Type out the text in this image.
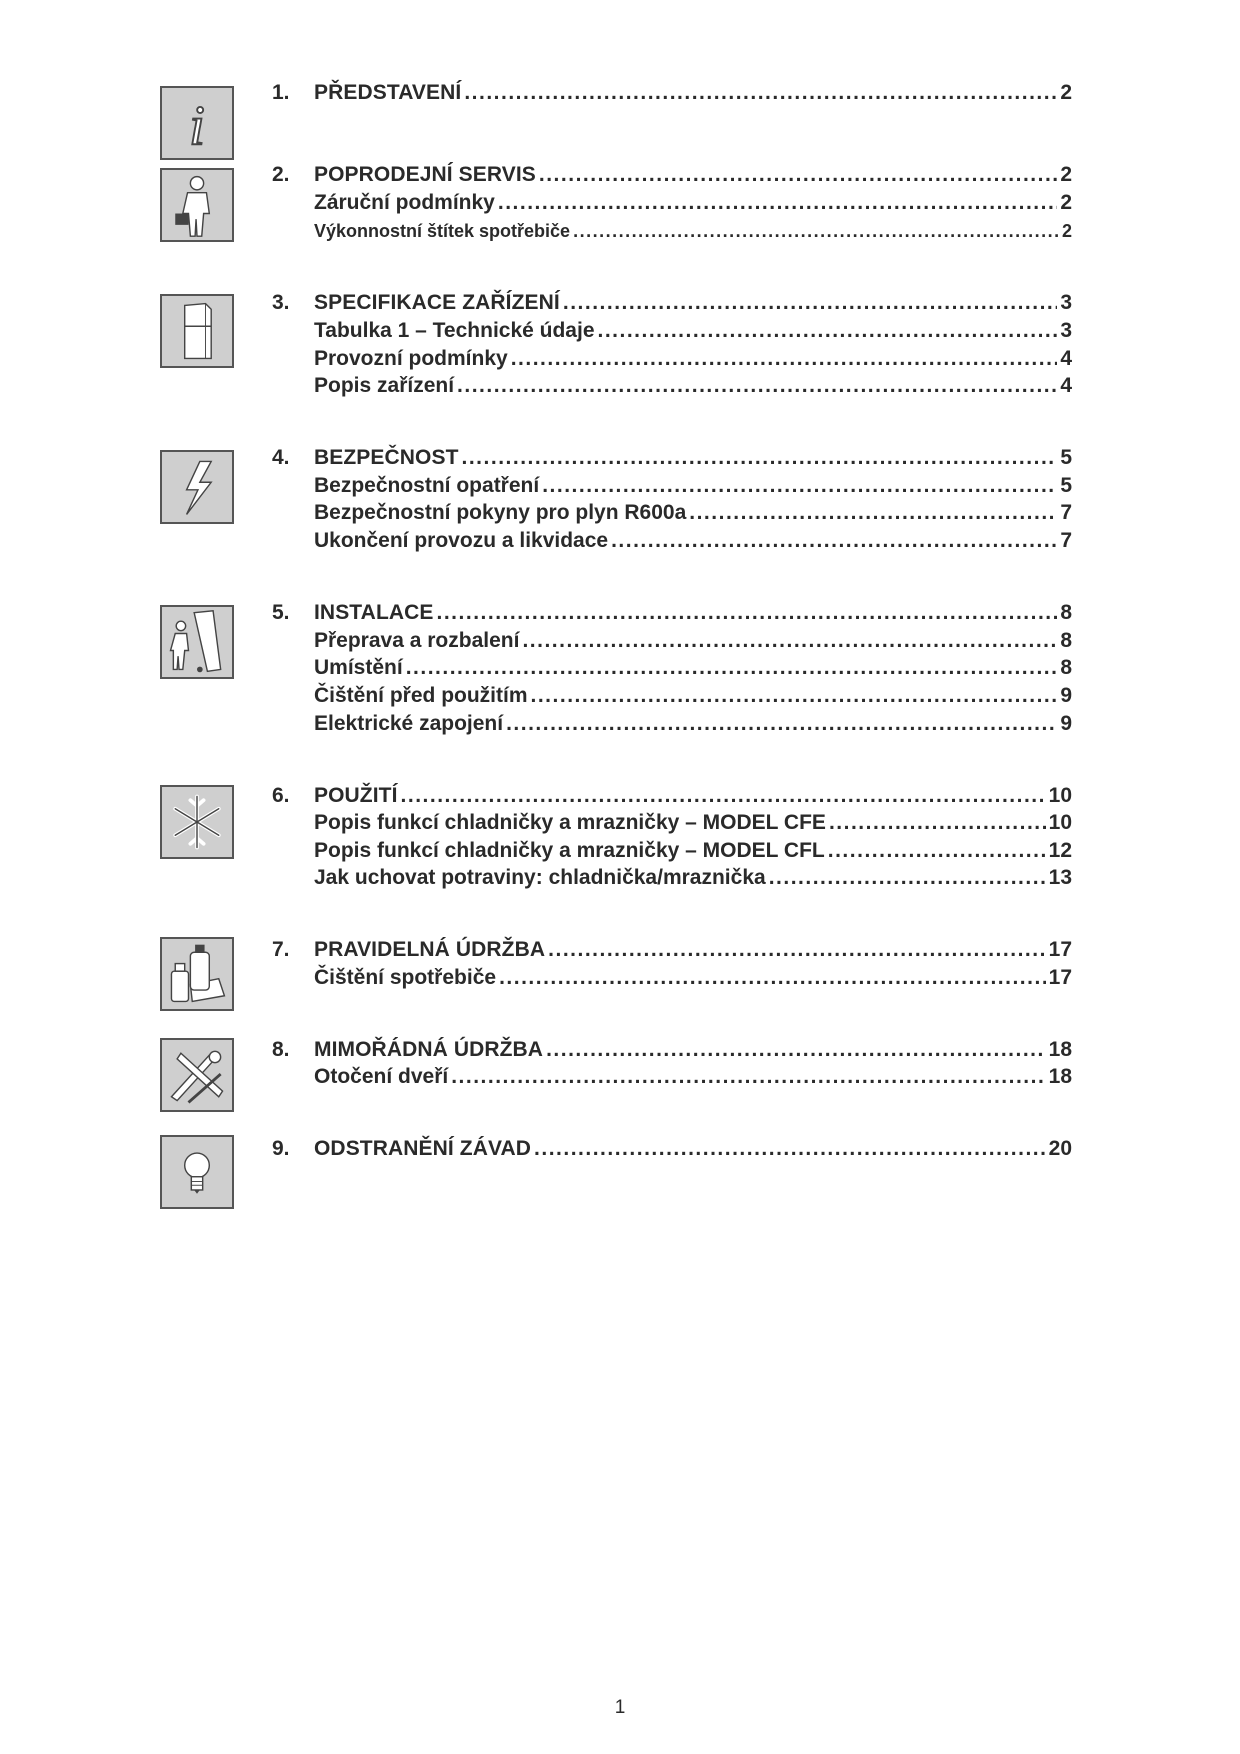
i
1.	PŘEDSTAVENÍ .....	2
2.	POPRODEJNÍ SERVIS .....	2
Záruční podmínky .....	2
Výkonnostní štítek spotřebiče .....	2
3.	SPECIFIKACE ZAŘÍZENÍ .....	3
Tabulka 1 – Technické údaje .....	3
Provozní podmínky .....	4
Popis zařízení .....	4
4.	BEZPEČNOST .....	5
Bezpečnostní opatření .....	5
Bezpečnostní pokyny pro plyn R600a .....	7
Ukončení provozu a likvidace .....	7
5.	INSTALACE .....	8
Přeprava a rozbalení .....	8
Umístění .....	8
Čištění před použitím .....	9
Elektrické zapojení .....	9
6.	POUŽITÍ .....	10
Popis funkcí chladničky a mrazničky – MODEL CFE .....	10
Popis funkcí chladničky a mrazničky – MODEL CFL .....	12
Jak uchovat potraviny: chladnička/mraznička .....	13
7.	PRAVIDELNÁ ÚDRŽBA .....	17
Čištění spotřebiče .....	17
8.	MIMOŘÁDNÁ ÚDRŽBA .....	18
Otočení dveří .....	18
9.	ODSTRANĚNÍ ZÁVAD .....	20
1
